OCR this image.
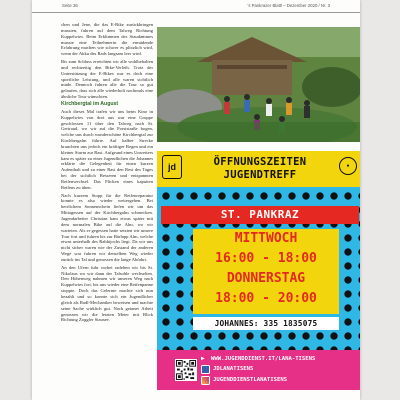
Seite 36	's Pankrazer Blattl – Dezember 2020 / Nr. 3

chen und Jene, die das E-Bike zurückbringen mussten, fuhren auf dem Talweg Richtung Kuppelwies. Beim Erklimmen des Staudammes musste eine Teilnehmerin die ermüdende Erfahrung machen wie schwer es plötzlich wird, wenn der Akku des Rads langsam leer wird.

Bis zum Schluss erreichten wir alle wohlbehalten und rechtzeitig den Bike-Verleih. Trotz der Unterstützung der E-Bikes war es doch eine sportliche Leistung, und alle waren sichtlich müde. Dennoch fuhren alle die Tour so gut gelaufen, dass sich alle wiederholt nochmals eine ähnliche Tour wünschten.

Kirchbergtal im August

Auch dieses Mal trafen wir uns beim Kino in Kuppelwies von dort aus war eine Gruppe geschlossen 11 über den Talweg nach St. Gertraud, wo wir auf die Forststraße bogen, welche uns durch wunderschöne Kirchbergtal zur Kirchbergalm führte. Auf halber Strecke brauchten uns jedoch ein kräftiger Regen und ein kleiner Sturm zur Rast. Aufgrund eines Unwetters kam es später zu einer Jugendlichen die Johannes erklärte die Gelegenheit für einen kurzen Aufenthalt und zu einer Rast den Rest des Tages bei der sichtlich Besseren und entspannten Reifenwechsel. Das Flicken eines kaputten Reifens zu üben.

Nach kurzem Stopp für die Reifenreparatur konnte es also wieder weitergehen. Bei herrlichem Sonnenschein liefen wir um das Mittagessen auf der Kirchbergalm schmecken. Jugendarbeiter Christian kam etwas später mit dem normalen Bike auf die Alm, wo wir warteten. Als er gegessen hatte setzten wir unsere Tour fort und fuhren bis zur Bärlapp Alm, welche etwas unterhalb des Rabbijochs liegt. Da wir uns nicht sicher waren wie der Zustand der anderen Wege war fuhren wir denselben Weg wieder zurück ins Tal und genossen die lange Abfahrt.

An den Ufern fuhr vorbei radelten wir bis St. Nikolaus wo wir dann der Talsohle wechselten. Den Höhenweg nahmen wir unseren Weg nach Kuppelwies fort, bis uns wieder eine Reifenpanne stoppte. Doch das Gelernte machte sich nun bezahlt und so konnte sich ein Jugendlicher gleich als Radl-Mechaniker beweisen und machte seine Sache wirklich gut. Nach getaner Arbeit genossen wir die letzten Meter mit Blick Richtung Zoggler Stausee.

jd	ÖFFNUNGSZEITEN
JUGENDTREFF
●
ST. PANKRAZ
MITTWOCH
16:00 - 18:00
DONNERSTAG
18:00 - 20:00
JOHANNES: 335 1835075
▶
WWW.JUGENDDIENST.IT/LANA-TISENS
JDLANATISENS
JUGENDDIENSTLANATISENS
